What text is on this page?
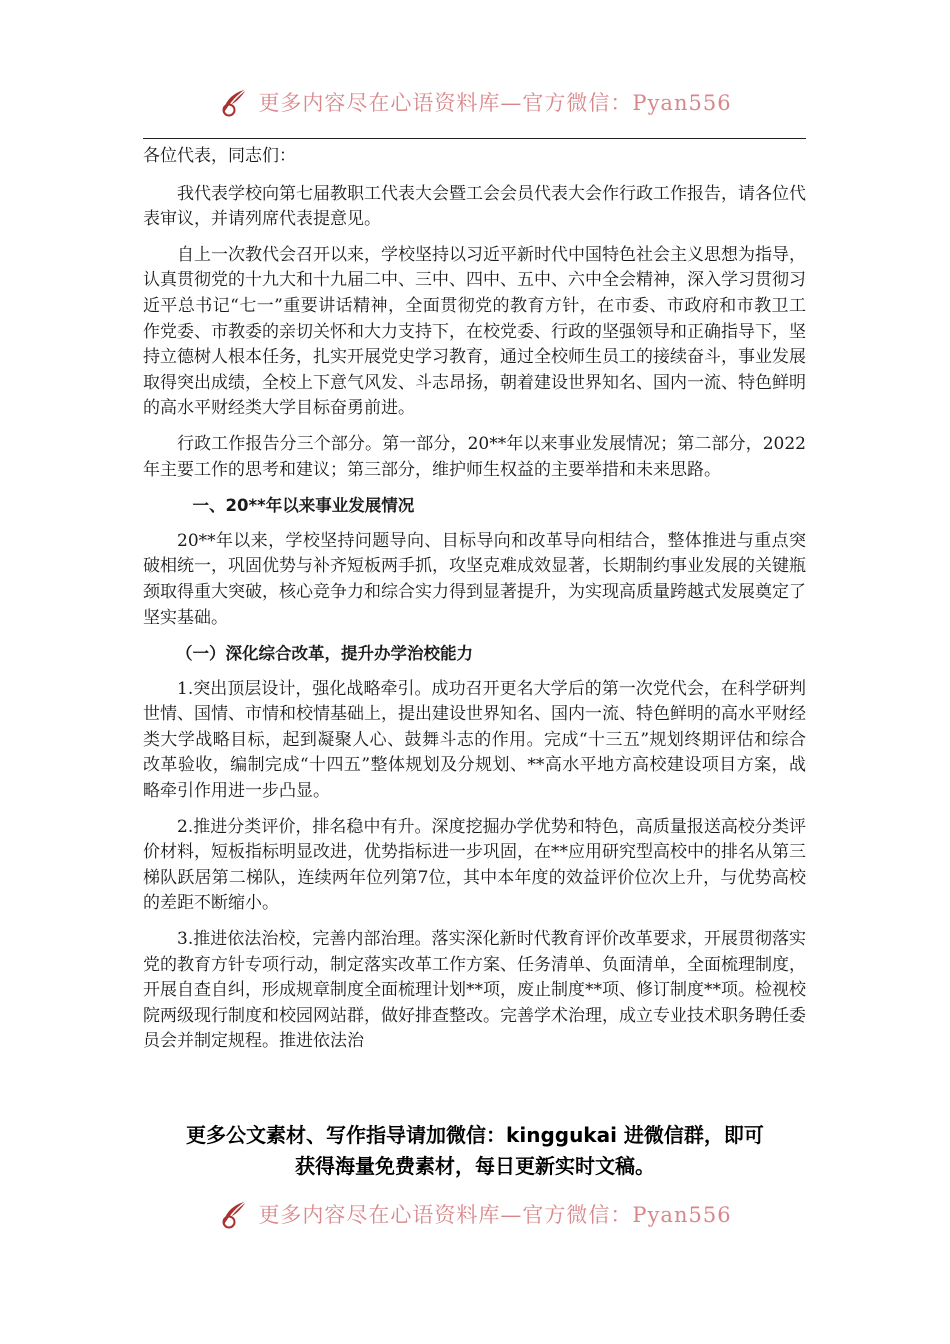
更多内容尽在心语资料库—官方微信：Pyan556

各位代表，同志们：

我代表学校向第七届教职工代表大会暨工会会员代表大会作行政工作报告，请各位代表审议，并请列席代表提意见。

自上一次教代会召开以来，学校坚持以习近平新时代中国特色社会主义思想为指导，认真贯彻党的十九大和十九届二中、三中、四中、五中、六中全会精神，深入学习贯彻习近平总书记“七一”重要讲话精神，全面贯彻党的教育方针，在市委、市政府和市教卫工作党委、市教委的亲切关怀和大力支持下，在校党委、行政的坚强领导和正确指导下，坚持立德树人根本任务，扎实开展党史学习教育，通过全校师生员工的接续奋斗，事业发展取得突出成绩，全校上下意气风发、斗志昂扬，朝着建设世界知名、国内一流、特色鲜明的高水平财经类大学目标奋勇前进。

行政工作报告分三个部分。第一部分，20**年以来事业发展情况；第二部分，2022年主要工作的思考和建议；第三部分，维护师生权益的主要举措和未来思路。

一、20**年以来事业发展情况

20**年以来，学校坚持问题导向、目标导向和改革导向相结合，整体推进与重点突破相统一，巩固优势与补齐短板两手抓，攻坚克难成效显著，长期制约事业发展的关键瓶颈取得重大突破，核心竞争力和综合实力得到显著提升，为实现高质量跨越式发展奠定了坚实基础。

（一）深化综合改革，提升办学治校能力

1.突出顶层设计，强化战略牵引。成功召开更名大学后的第一次党代会，在科学研判世情、国情、市情和校情基础上，提出建设世界知名、国内一流、特色鲜明的高水平财经类大学战略目标，起到凝聚人心、鼓舞斗志的作用。完成“十三五”规划终期评估和综合改革验收，编制完成“十四五”整体规划及分规划、**高水平地方高校建设项目方案，战略牵引作用进一步凸显。

2.推进分类评价，排名稳中有升。深度挖掘办学优势和特色，高质量报送高校分类评价材料，短板指标明显改进，优势指标进一步巩固，在**应用研究型高校中的排名从第三梯队跃居第二梯队，连续两年位列第7位，其中本年度的效益评价位次上升，与优势高校的差距不断缩小。

3.推进依法治校，完善内部治理。落实深化新时代教育评价改革要求，开展贯彻落实党的教育方针专项行动，制定落实改革工作方案、任务清单、负面清单，全面梳理制度，开展自查自纠，形成规章制度全面梳理计划**项，废止制度**项、修订制度**项。检视校院两级现行制度和校园网站群，做好排查整改。完善学术治理，成立专业技术职务聘任委员会并制定规程。推进依法治

更多公文素材、写作指导请加微信：kinggukai 进微信群，即可
获得海量免费素材，每日更新实时文稿。
更多内容尽在心语资料库—官方微信：Pyan556
